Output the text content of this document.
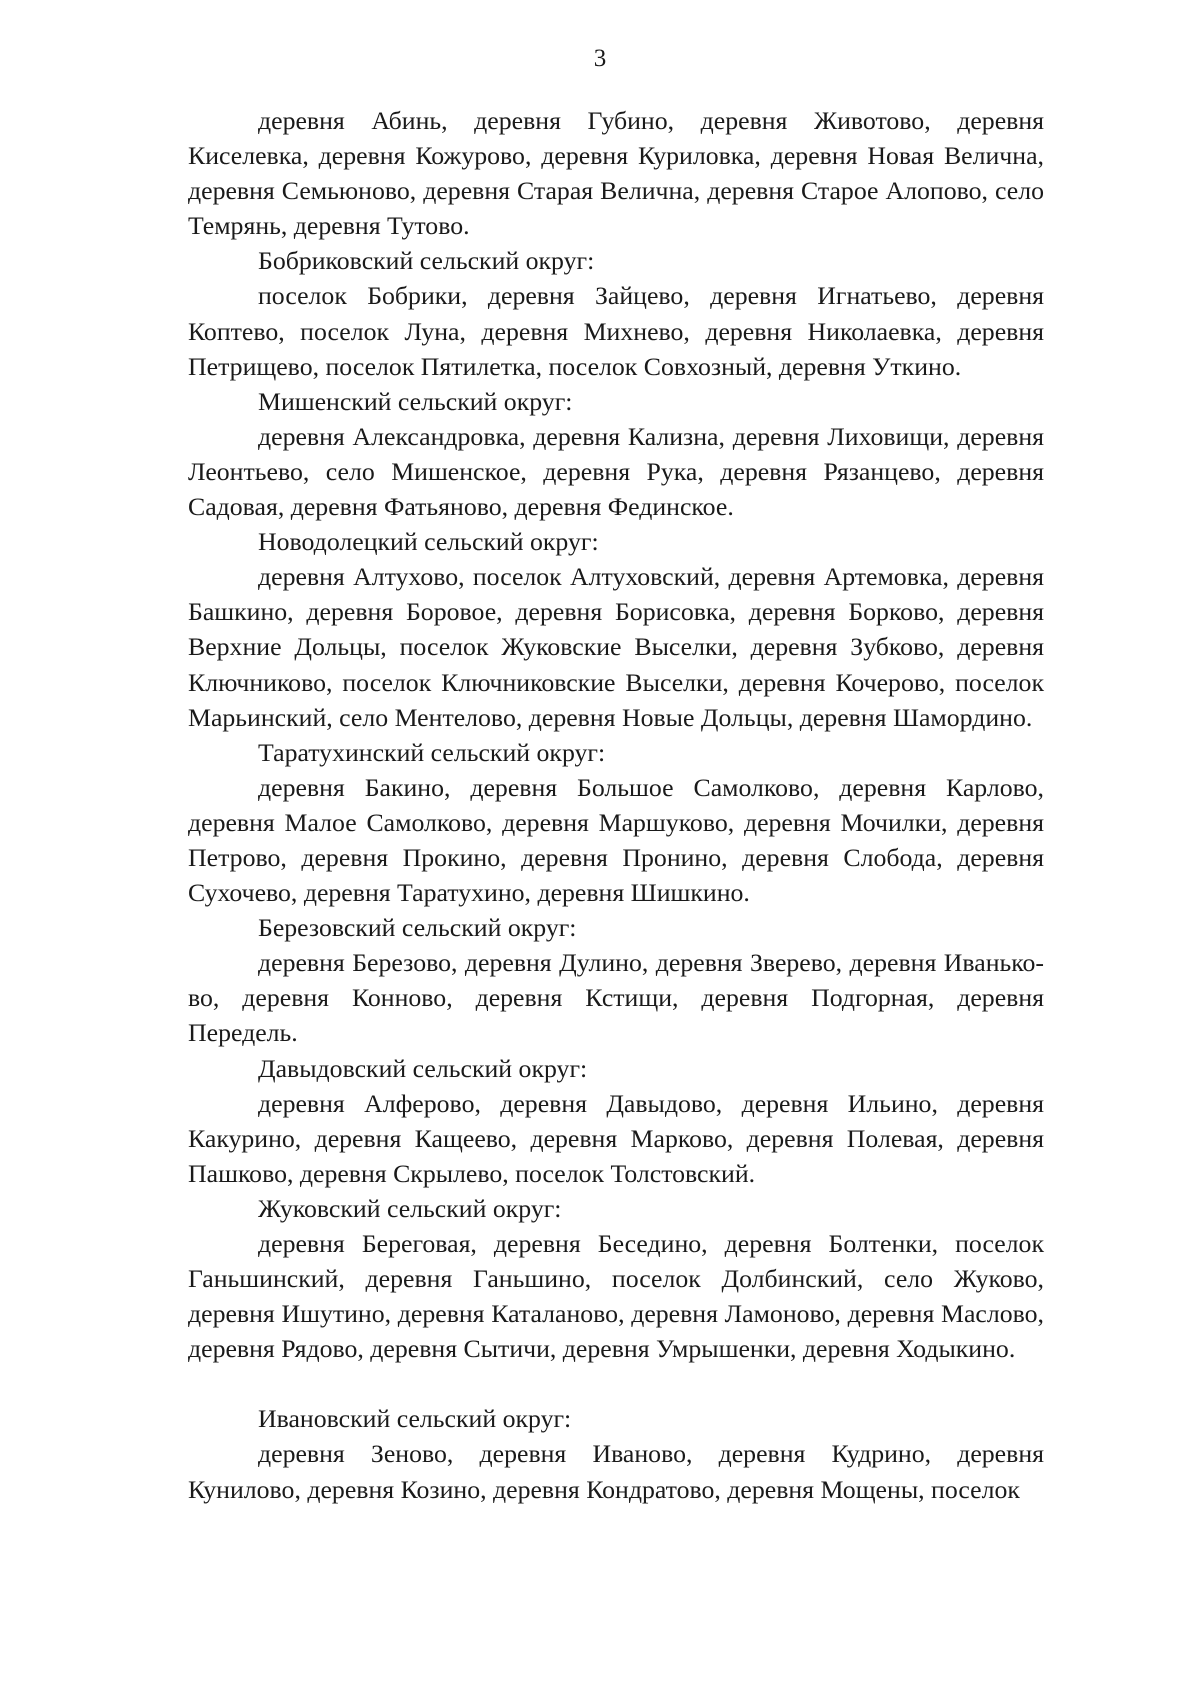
3

деревня Абинь, деревня Губино, деревня Животово, деревня Киселевка, деревня Кожурово, деревня Куриловка, деревня Новая Велична, деревня Семьюново, деревня Старая Велична, деревня Старое Алопово, село Темрянь, деревня Тутово.

Бобриковский сельский округ:

поселок Бобрики, деревня Зайцево, деревня Игнатьево, деревня Коптево, поселок Луна, деревня Михнево, деревня Николаевка, деревня Петрищево, поселок Пятилетка, поселок Совхозный, деревня Уткино.

Мишенский сельский округ:

деревня Александровка, деревня Кализна, деревня Лиховищи, деревня Леонтьево, село Мишенское, деревня Рука, деревня Рязанцево, деревня Садовая, деревня Фатьяново, деревня Фединское.

Новодолецкий сельский округ:

деревня Алтухово, поселок Алтуховский, деревня Артемовка, деревня Башкино, деревня Боровое, деревня Борисовка, деревня Борково, деревня Верхние Дольцы, поселок Жуковские Выселки, деревня Зубково, деревня Ключниково, поселок Ключниковские Выселки, деревня Кочерово, поселок Марьинский, село Ментелово, деревня Новые Дольцы, деревня Шамордино.

Таратухинский сельский округ:

деревня Бакино, деревня Большое Самолково, деревня Карлово, деревня Малое Самолково, деревня Маршуково, деревня Мочилки, деревня Петрово, деревня Прокино, деревня Пронино, деревня Слобода, деревня Сухочево, деревня Таратухино, деревня Шишкино.

Березовский сельский округ:

деревня Березово, деревня Дулино, деревня Зверево, деревня Иваньково, деревня Конново, деревня Кстищи, деревня Подгорная, деревня Передель.

Давыдовский сельский округ:

деревня Алферово, деревня Давыдово, деревня Ильино, деревня Какурино, деревня Кащеево, деревня Марково, деревня Полевая, деревня Пашково, деревня Скрылево, поселок Толстовский.

Жуковский сельский округ:

деревня Береговая, деревня Беседино, деревня Болтенки, поселок Ганьшинский, деревня Ганьшино, поселок Долбинский, село Жуково, деревня Ишутино, деревня Каталаново, деревня Ламоново, деревня Маслово, деревня Рядово, деревня Сытичи, деревня Умрышенки, деревня Ходыкино.

Ивановский сельский округ:

деревня Зеново, деревня Иваново, деревня Кудрино, деревня Кунилово, деревня Козино, деревня Кондратово, деревня Мощены, поселок
